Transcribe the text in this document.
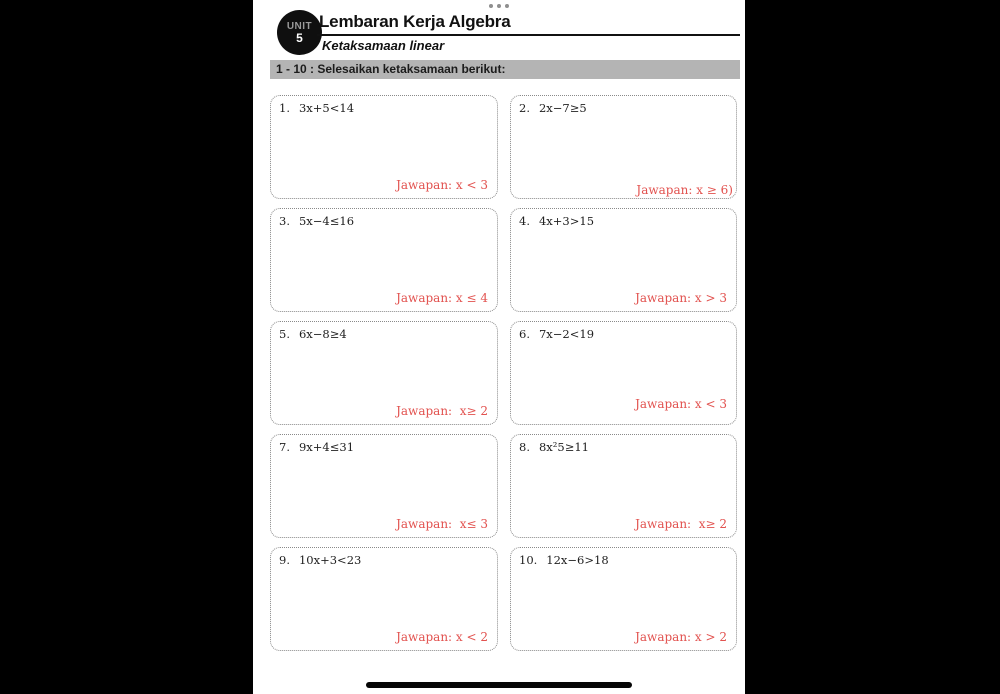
UNIT
5
Lembaran Kerja Algebra
Ketaksamaan linear
1 - 10 : Selesaikan ketaksamaan berikut:
1. 3x+5<14
Jawapan: x < 3
2. 2x−7≥5
Jawapan: x ≥ 6)
3. 5x−4≤16
Jawapan: x ≤ 4
4. 4x+3>15
Jawapan: x > 3
5. 6x−8≥4
Jawapan:  x≥ 2
6. 7x−2<19
Jawapan: x < 3
7. 9x+4≤31
Jawapan:  x≤ 3
8. 8x²5≥11
Jawapan:  x≥ 2
9. 10x+3<23
Jawapan: x < 2
10. 12x−6>18
Jawapan: x > 2
